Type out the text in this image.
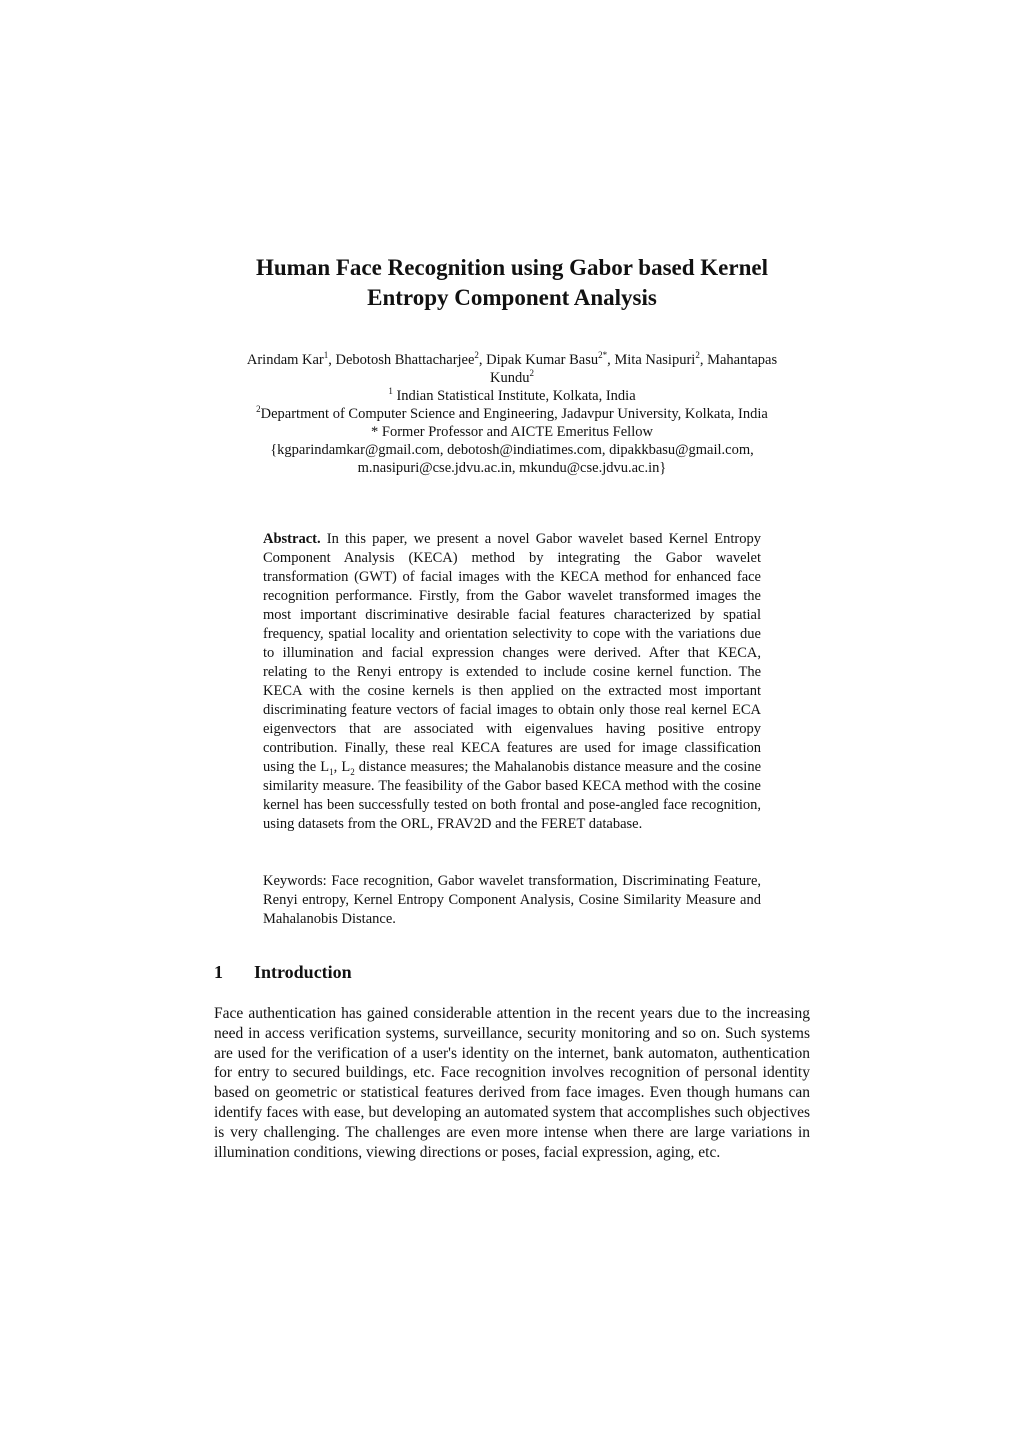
Human Face Recognition using Gabor based Kernel
Entropy Component Analysis
Arindam Kar$^1$, Debotosh Bhattacharjee$^2$, Dipak Kumar Basu$^{2*}$, Mita Nasipuri$^2$, Mahantapas
Kundu$^2$
$^1$ Indian Statistical Institute, Kolkata, India
$^2$Department of Computer Science and Engineering, Jadavpur University, Kolkata, India
* Former Professor and AICTE Emeritus Fellow
{kgparindamkar@gmail.com, debotosh@indiatimes.com, dipakkbasu@gmail.com,
m.nasipuri@cse.jdvu.ac.in, mkundu@cse.jdvu.ac.in}
Abstract. In this paper, we present a novel Gabor wavelet based Kernel Entropy Component Analysis (KECA) method by integrating the Gabor wavelet transformation (GWT) of facial images with the KECA method for enhanced face recognition performance. Firstly, from the Gabor wavelet transformed images the most important discriminative desirable facial features characterized by spatial frequency, spatial locality and orientation selectivity to cope with the variations due to illumination and facial expression changes were derived. After that KECA, relating to the Renyi entropy is extended to include cosine kernel function. The KECA with the cosine kernels is then applied on the extracted most important discriminating feature vectors of facial images to obtain only those real kernel ECA eigenvectors that are associated with eigenvalues having positive entropy contribution. Finally, these real KECA features are used for image classification using the $L_1$, $L_2$ distance measures; the Mahalanobis distance measure and the cosine similarity measure. The feasibility of the Gabor based KECA method with the cosine kernel has been successfully tested on both frontal and pose-angled face recognition, using datasets from the ORL, FRAV2D and the FERET database.
Keywords: Face recognition, Gabor wavelet transformation, Discriminating Feature, Renyi entropy, Kernel Entropy Component Analysis, Cosine Similarity Measure and Mahalanobis Distance.
1 Introduction
Face authentication has gained considerable attention in the recent years due to the increasing need in access verification systems, surveillance, security monitoring and so on. Such systems are used for the verification of a user's identity on the internet, bank automaton, authentication for entry to secured buildings, etc. Face recognition involves recognition of personal identity based on geometric or statistical features derived from face images. Even though humans can identify faces with ease, but developing an automated system that accomplishes such objectives is very challenging. The challenges are even more intense when there are large variations in illumination conditions, viewing directions or poses, facial expression, aging, etc.
